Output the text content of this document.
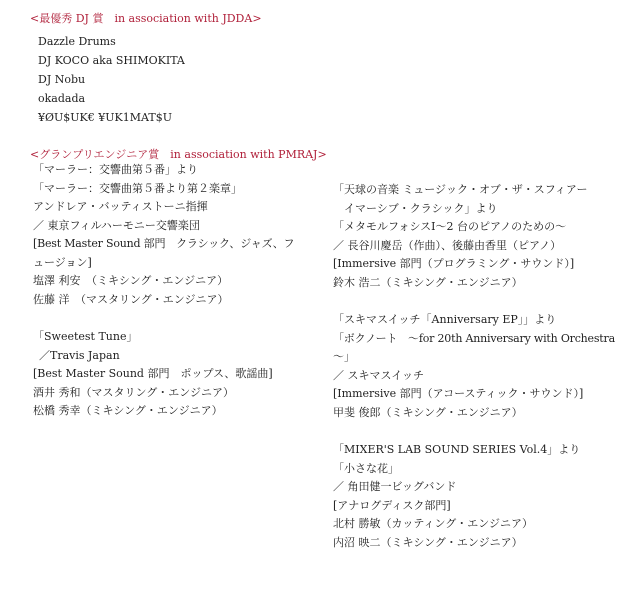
<最優秀 DJ 賞　in association with JDDA>
Dazzle Drums
DJ KOCO aka SHIMOKITA
DJ Nobu
okadada
¥ØU$UK€ ¥UK1MAT$U
<グランプリエンジニア賞　in association with PMRAJ>
「マーラー：交響曲第５番」より
「マーラー：交響曲第５番より第２楽章」
アンドレア・バッティストーニ指揮
／ 東京フィルハーモニー交響楽団
[Best Master Sound 部門　クラシック、ジャズ、フ
ュージョン]
塩澤 利安　（ミキシング・エンジニア）
佐藤 洋　（マスタリング・エンジニア）
「Sweetest Tune」
／Travis Japan
[Best Master Sound 部門　ポップス、歌謡曲]
酒井 秀和（マスタリング・エンジニア）
松橋 秀幸（ミキシング・エンジニア）
「天球の音楽 ミュージック・オブ・ザ・スフィアー
　イマーシブ・クラシック」より
「メタモルフォシスⅠ～2 台のピアノのための～
／ 長谷川慶岳（作曲）、後藤由香里（ピアノ）
[Immersive 部門（プログラミング・サウンド）]
鈴木 浩二（ミキシング・エンジニア）
「スキマスイッチ「Anniversary EP」」より
「ボクノート　～for 20th Anniversary with Orchestra
～」
／ スキマスイッチ
[Immersive 部門（アコースティック・サウンド）]
甲斐 俊郎（ミキシング・エンジニア）
「MIXER'S LAB SOUND SERIES Vol.4」より
「小さな花」
／ 角田健一ビッグバンド
[アナログディスク部門]
北村 勝敏（カッティング・エンジニア）
内沼 映二（ミキシング・エンジニア）
